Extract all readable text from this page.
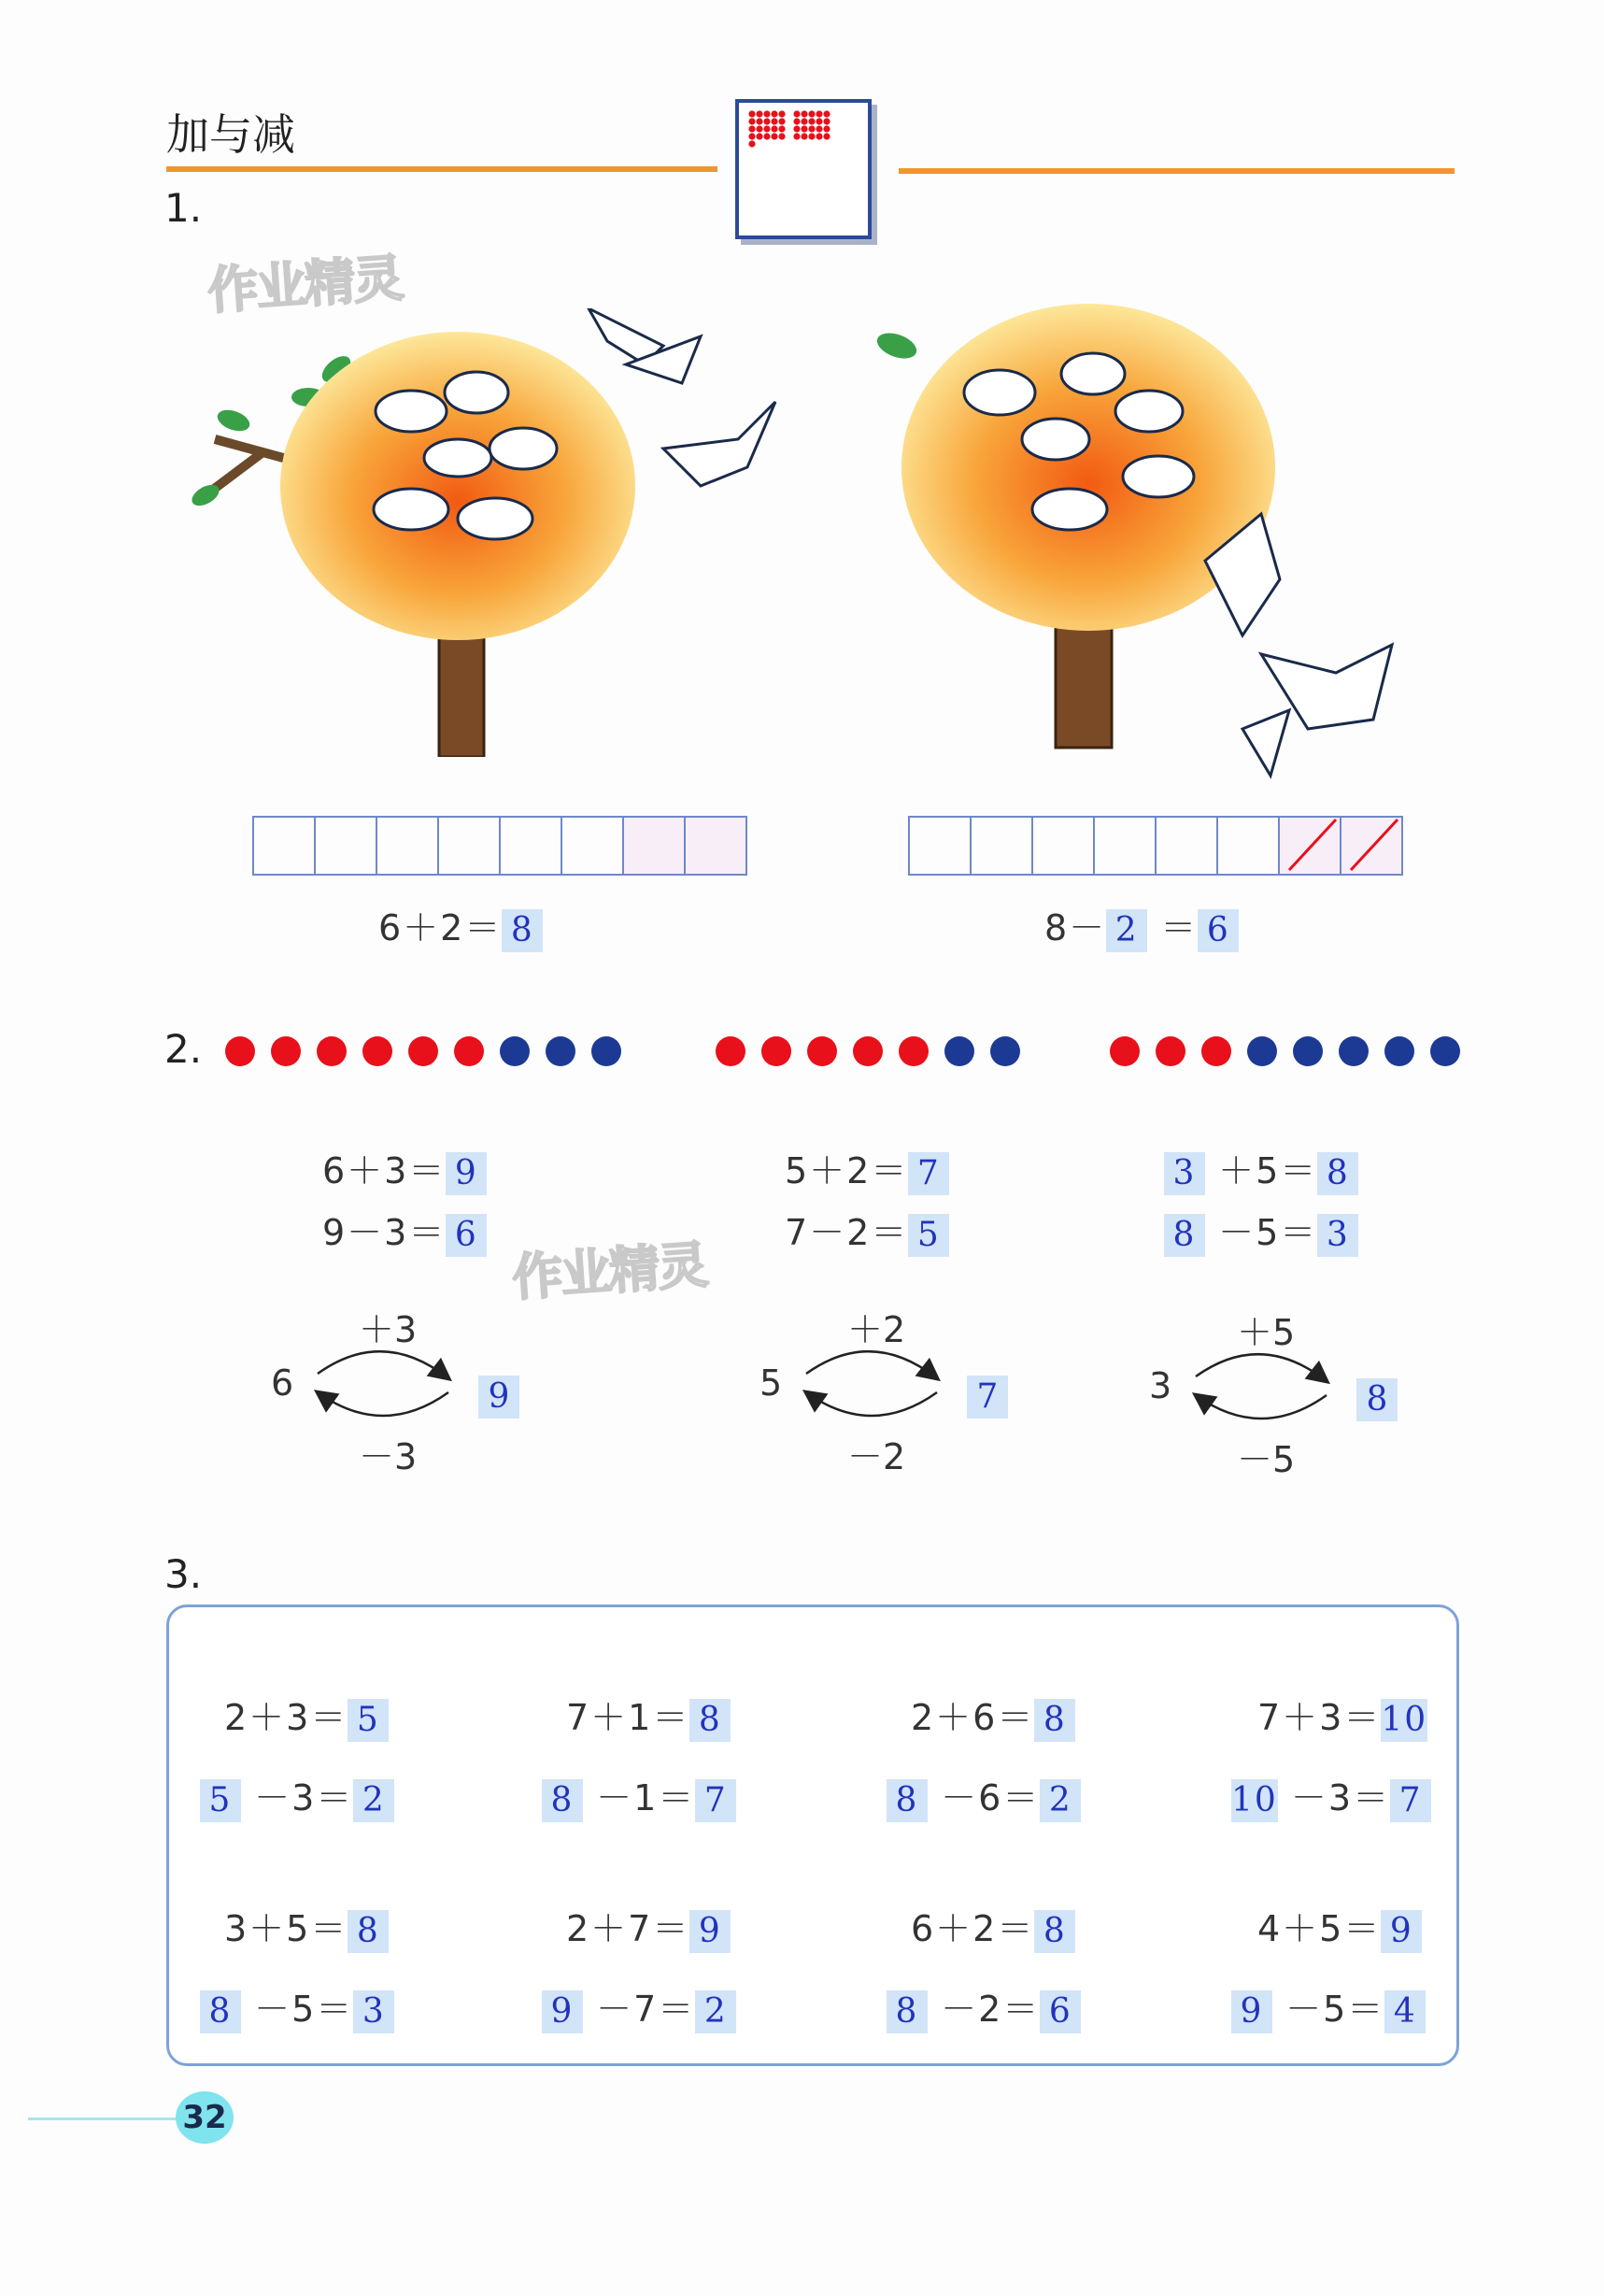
加与减
1.
作业精灵
6＋2＝ 8	8－ 2 ＝ 6
2.
6＋3＝ 9
9－3＝ 6
5＋2＝ 7
7－2＝ 5
3 ＋5＝ 8
8 －5＝ 3
作业精灵
6
＋3
－3
9	5
＋2
－2
7	3
＋5
－5
8
3.
2＋3＝ 5	7＋1＝ 8	2＋6＝ 8	7＋3＝10
5 －3＝ 2	8 －1＝ 7	8 －6＝ 2	10 －3＝ 7
3＋5＝ 8	2＋7＝ 9	6＋2＝ 8	4＋5＝ 9
8 －5＝ 3	9 －7＝ 2	8 －2＝ 6	9 －5＝ 4
32
